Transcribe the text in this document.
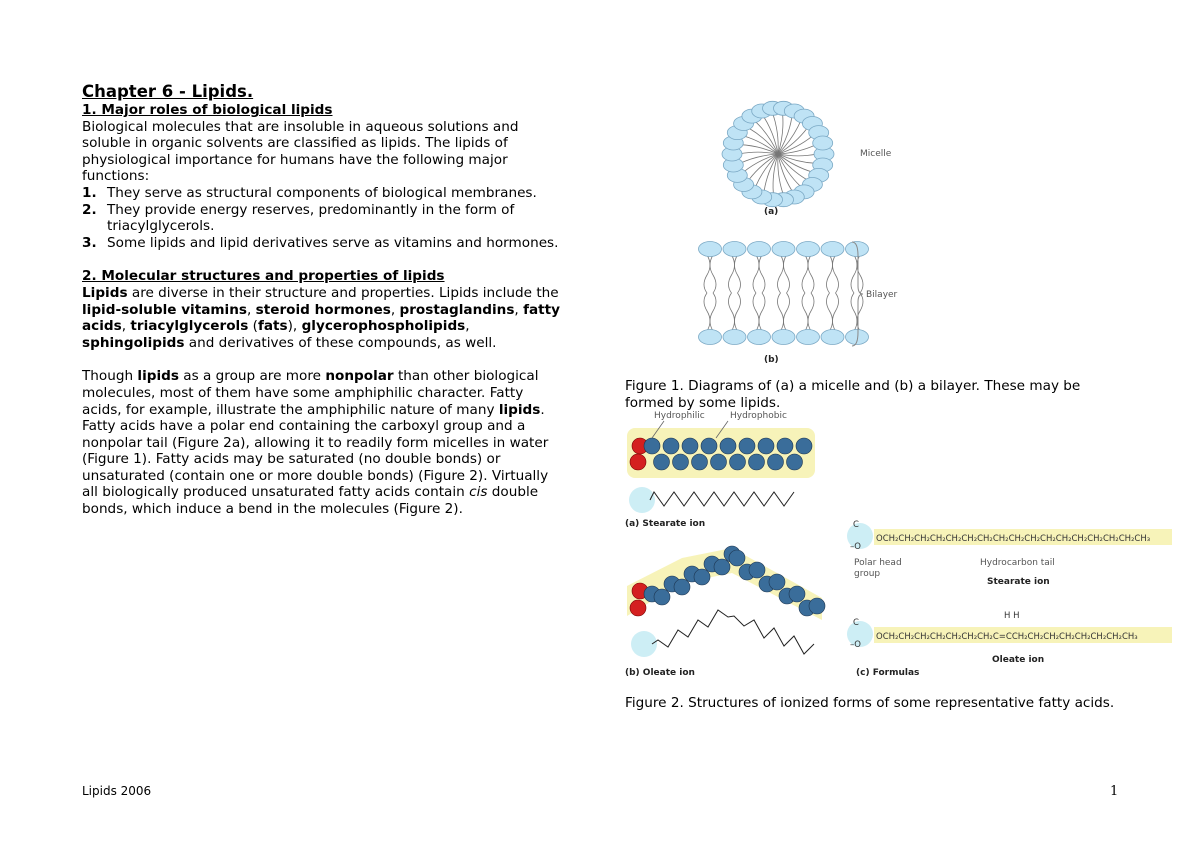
Chapter 6 - Lipids.

1. Major roles of biological lipids

Biological molecules that are insoluble in aqueous solutions and soluble in organic solvents are classified as lipids. The lipids of physiological importance for humans have the following major functions:

1. They serve as structural components of biological membranes.
2. They provide energy reserves, predominantly in the form of triacylglycerols.
3. Some lipids and lipid derivatives serve as vitamins and hormones.

2. Molecular structures and properties of lipids

Lipids are diverse in their structure and properties. Lipids include the lipid-soluble vitamins, steroid hormones, prostaglandins, fatty acids, triacylglycerols (fats), glycerophospholipids, sphingolipids and derivatives of these compounds, as well.

Though lipids as a group are more nonpolar than other biological molecules, most of them have some amphiphilic character. Fatty acids, for example, illustrate the amphiphilic nature of many lipids. Fatty acids have a polar end containing the carboxyl group and a nonpolar tail (Figure 2a), allowing it to readily form micelles in water (Figure 1). Fatty acids may be saturated (no double bonds) or unsaturated (contain one or more double bonds) (Figure 2). Virtually all biologically produced unsaturated fatty acids contain cis double bonds, which induce a bend in the molecules (Figure 2).

Micelle
(a)
Bilayer
(b)

Figure 1. Diagrams of (a) a micelle and (b) a bilayer. These may be formed by some lipids.

Hydrophilic	Hydrophobic
(a) Stearate ion
(b) Oleate ion
C
–O
OCH₂CH₂CH₂CH₂CH₂CH₂CH₂CH₂CH₂CH₂CH₂CH₂CH₂CH₂CH₂CH₂CH₃
Polar head
group
Hydrocarbon tail
Stearate ion
H H
C
–O
OCH₂CH₂CH₂CH₂CH₂CH₂CH₂C=CCH₂CH₂CH₂CH₂CH₂CH₂CH₂CH₃
Oleate ion
(c) Formulas

Figure 2. Structures of ionized forms of some representative fatty acids.

Lipids 2006	1
